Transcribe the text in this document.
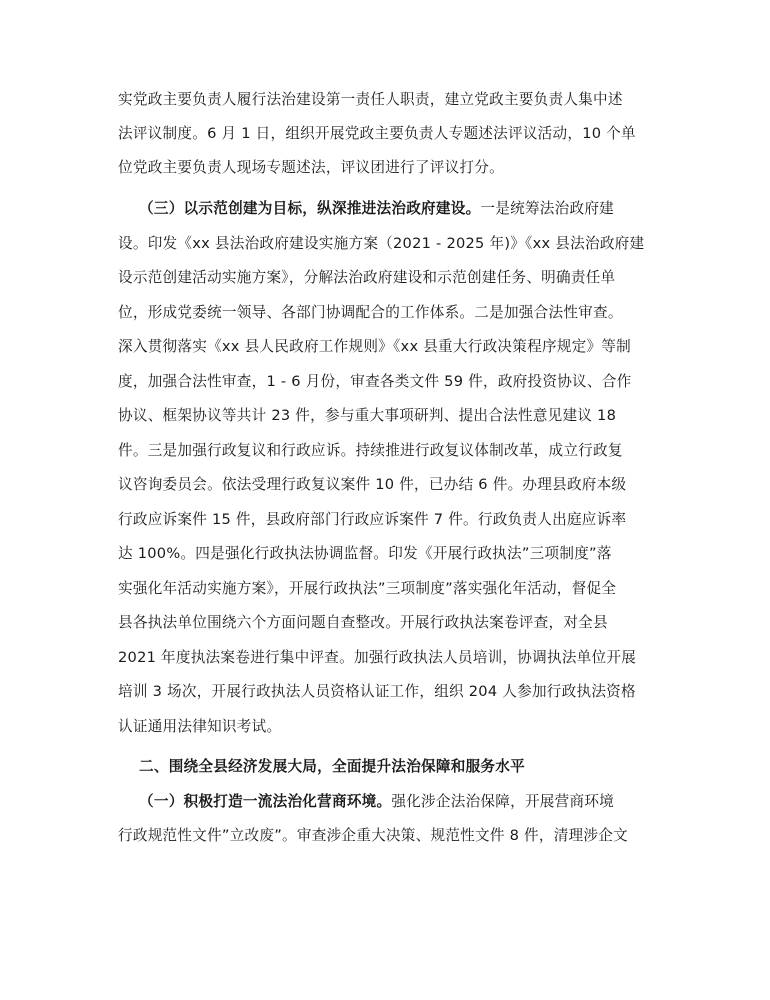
实党政主要负责人履行法治建设第一责任人职责，建立党政主要负责人集中述
法评议制度。6 月 1 日，组织开展党政主要负责人专题述法评议活动，10 个单
位党政主要负责人现场专题述法，评议团进行了评议打分。
（三）以示范创建为目标，纵深推进法治政府建设。一是统筹法治政府建
设。印发《xx 县法治政府建设实施方案（2021 - 2025 年)》《xx 县法治政府建
设示范创建活动实施方案》，分解法治政府建设和示范创建任务、明确责任单
位，形成党委统一领导、各部门协调配合的工作体系。二是加强合法性审查。
深入贯彻落实《xx 县人民政府工作规则》《xx 县重大行政决策程序规定》等制
度，加强合法性审查，1 - 6 月份，审查各类文件 59 件，政府投资协议、合作
协议、框架协议等共计 23 件，参与重大事项研判、提出合法性意见建议 18
件。三是加强行政复议和行政应诉。持续推进行政复议体制改革，成立行政复
议咨询委员会。依法受理行政复议案件 10 件，已办结 6 件。办理县政府本级
行政应诉案件 15 件，县政府部门行政应诉案件 7 件。行政负责人出庭应诉率
达 100%。四是强化行政执法协调监督。印发《开展行政执法”三项制度”落
实强化年活动实施方案》，开展行政执法”三项制度”落实强化年活动，督促全
县各执法单位围绕六个方面问题自查整改。开展行政执法案卷评查，对全县
2021 年度执法案卷进行集中评查。加强行政执法人员培训，协调执法单位开展
培训 3 场次，开展行政执法人员资格认证工作，组织 204 人参加行政执法资格
认证通用法律知识考试。
二、围绕全县经济发展大局，全面提升法治保障和服务水平
（一）积极打造一流法治化营商环境。强化涉企法治保障，开展营商环境
行政规范性文件”立改废”。审查涉企重大决策、规范性文件 8 件，清理涉企文
